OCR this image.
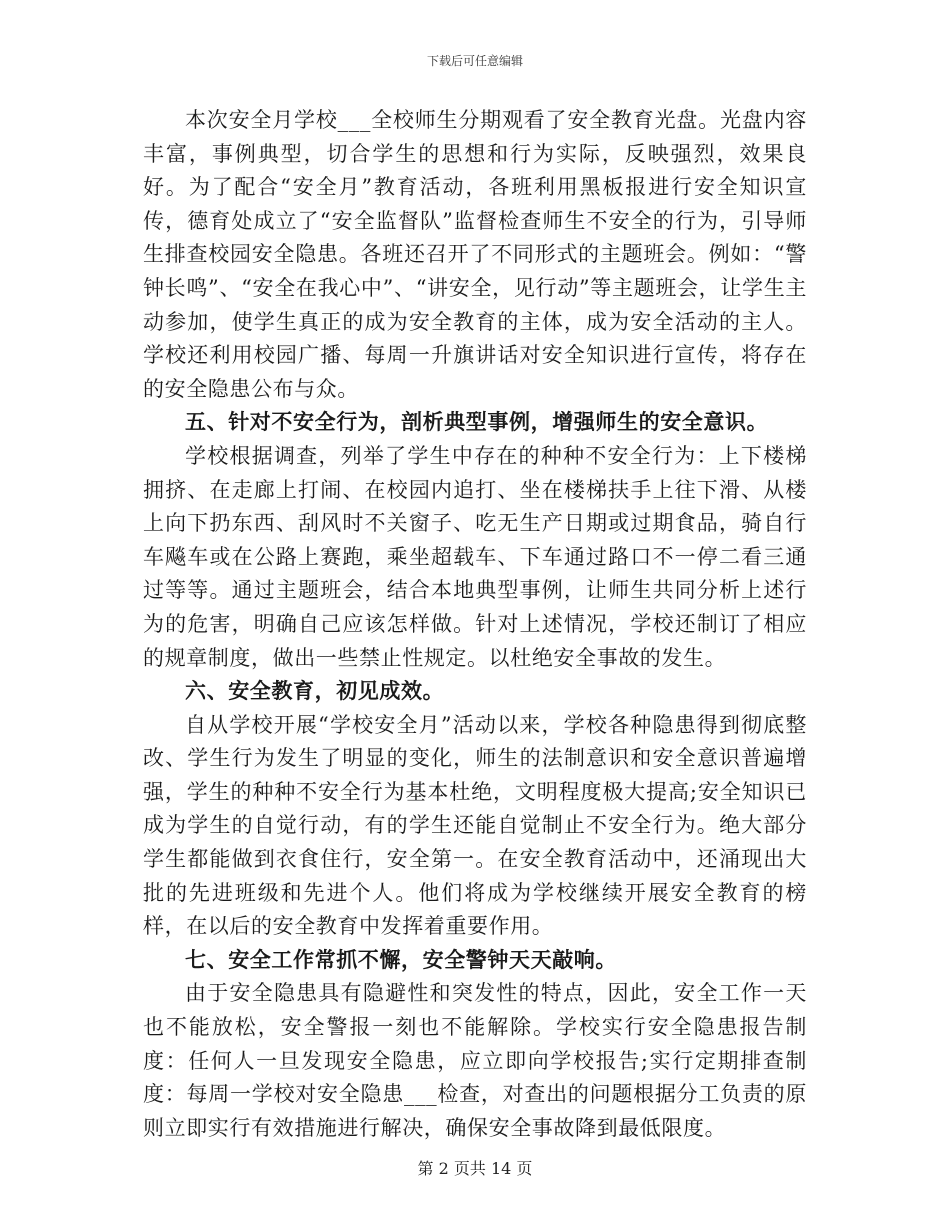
下载后可任意编辑

本次安全月学校___全校师生分期观看了安全教育光盘。光盘内容丰富，事例典型，切合学生的思想和行为实际，反映强烈，效果良好。为了配合“安全月”教育活动，各班利用黑板报进行安全知识宣传，德育处成立了“安全监督队”监督检查师生不安全的行为，引导师生排查校园安全隐患。各班还召开了不同形式的主题班会。例如：“警钟长鸣”、“安全在我心中”、“讲安全，见行动”等主题班会，让学生主动参加，使学生真正的成为安全教育的主体，成为安全活动的主人。学校还利用校园广播、每周一升旗讲话对安全知识进行宣传，将存在的安全隐患公布与众。

五、针对不安全行为，剖析典型事例，增强师生的安全意识。

学校根据调查，列举了学生中存在的种种不安全行为：上下楼梯拥挤、在走廊上打闹、在校园内追打、坐在楼梯扶手上往下滑、从楼上向下扔东西、刮风时不关窗子、吃无生产日期或过期食品，骑自行车飚车或在公路上赛跑，乘坐超载车、下车通过路口不一停二看三通过等等。通过主题班会，结合本地典型事例，让师生共同分析上述行为的危害，明确自己应该怎样做。针对上述情况，学校还制订了相应的规章制度，做出一些禁止性规定。以杜绝安全事故的发生。

六、安全教育，初见成效。

自从学校开展“学校安全月”活动以来，学校各种隐患得到彻底整改、学生行为发生了明显的变化，师生的法制意识和安全意识普遍增强，学生的种种不安全行为基本杜绝，文明程度极大提高;安全知识已成为学生的自觉行动，有的学生还能自觉制止不安全行为。绝大部分学生都能做到衣食住行，安全第一。在安全教育活动中，还涌现出大批的先进班级和先进个人。他们将成为学校继续开展安全教育的榜样，在以后的安全教育中发挥着重要作用。

七、安全工作常抓不懈，安全警钟天天敲响。

由于安全隐患具有隐避性和突发性的特点，因此，安全工作一天也不能放松，安全警报一刻也不能解除。学校实行安全隐患报告制度：任何人一旦发现安全隐患，应立即向学校报告;实行定期排查制度：每周一学校对安全隐患___检查，对查出的问题根据分工负责的原则立即实行有效措施进行解决，确保安全事故降到最低限度。

第 2 页共 14 页
